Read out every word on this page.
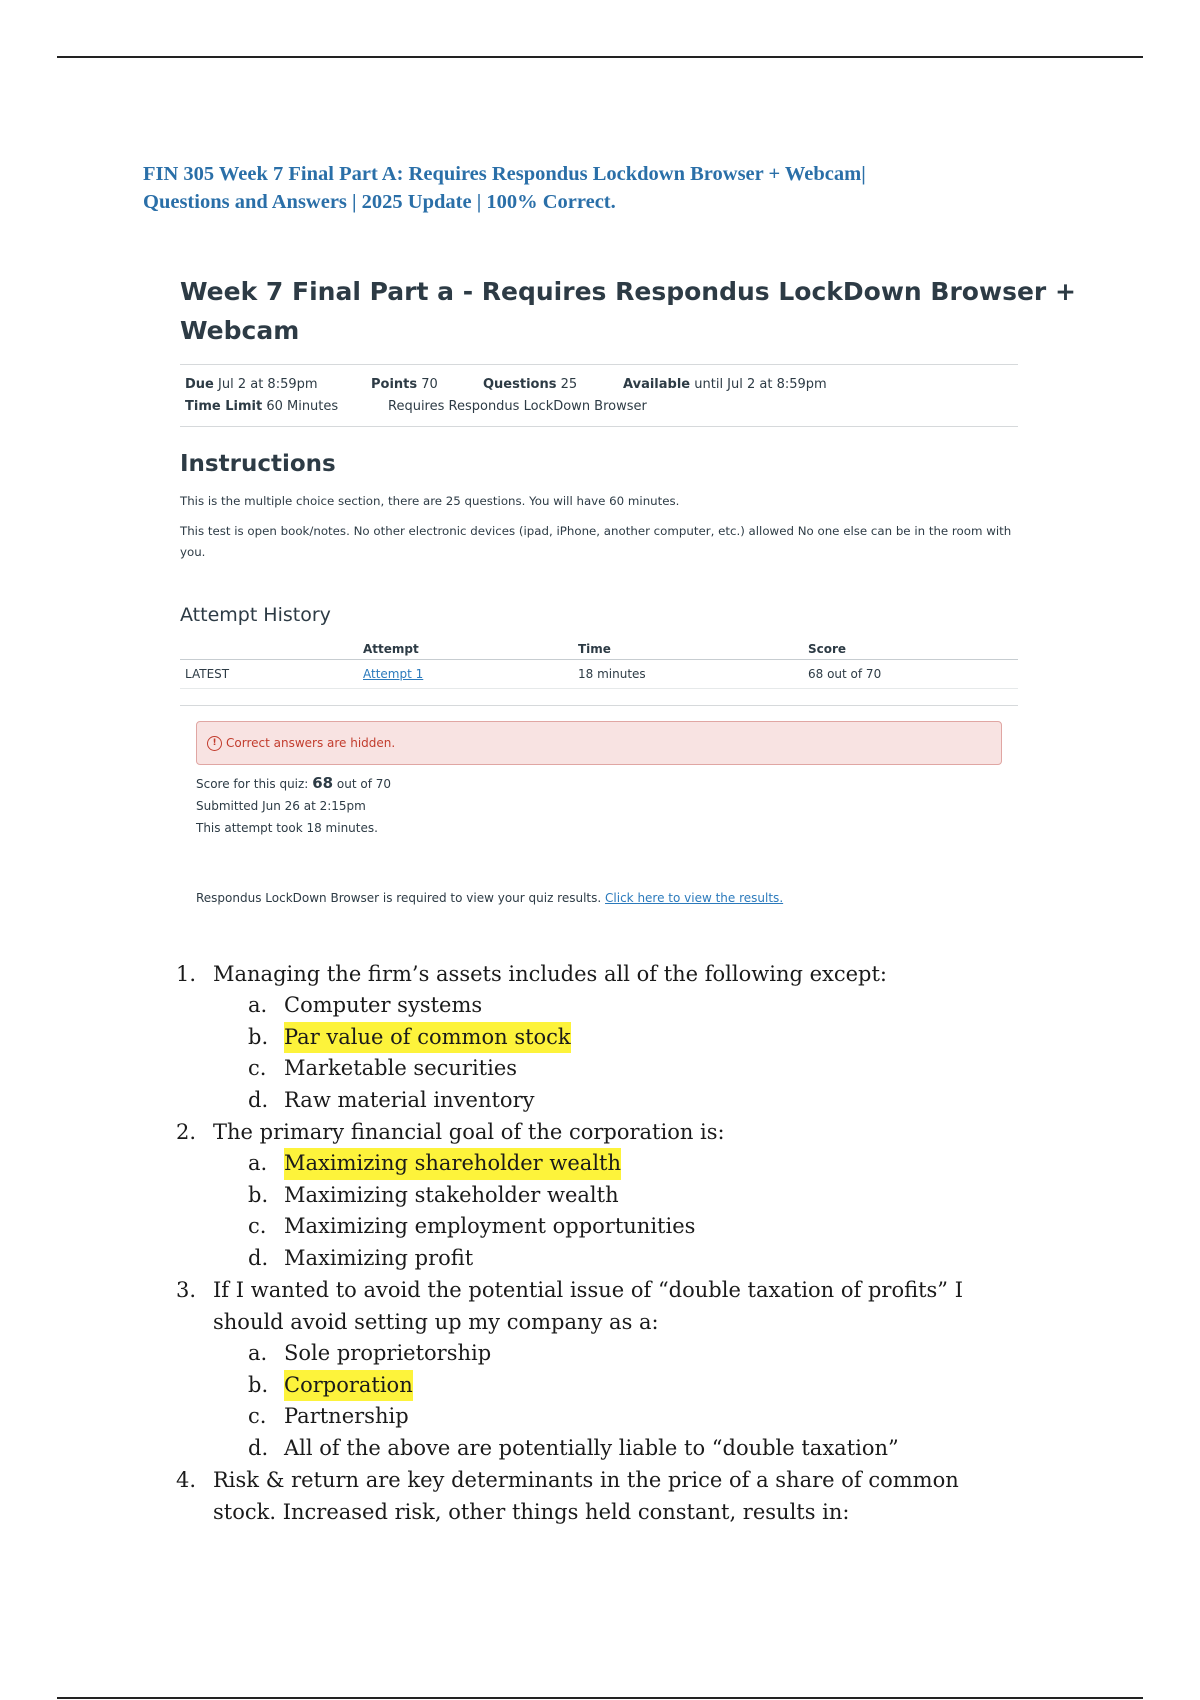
FIN 305 Week 7 Final Part A: Requires Respondus Lockdown Browser + Webcam|
Questions and Answers | 2025 Update | 100% Correct.
Week 7 Final Part a - Requires Respondus LockDown Browser +
Webcam
Due Jul 2 at 8:59pm	Points 70	Questions 25	Available until Jul 2 at 8:59pm
Time Limit 60 Minutes	Requires Respondus LockDown Browser
Instructions
This is the multiple choice section, there are 25 questions. You will have 60 minutes.
This test is open book/notes. No other electronic devices (ipad, iPhone, another computer, etc.) allowed No one else can be in the room with you.
Attempt History
	Attempt	Time	Score
LATEST	Attempt 1	18 minutes	68 out of 70
! Correct answers are hidden.
Score for this quiz: 68 out of 70
Submitted Jun 26 at 2:15pm
This attempt took 18 minutes.
Respondus LockDown Browser is required to view your quiz results. Click here to view the results.
1. Managing the firm’s assets includes all of the following except:
a. Computer systems
b. Par value of common stock
c. Marketable securities
d. Raw material inventory
2. The primary financial goal of the corporation is:
a. Maximizing shareholder wealth
b. Maximizing stakeholder wealth
c. Maximizing employment opportunities
d. Maximizing profit
3. If I wanted to avoid the potential issue of “double taxation of profits” I
should avoid setting up my company as a:
a. Sole proprietorship
b. Corporation
c. Partnership
d. All of the above are potentially liable to “double taxation”
4. Risk & return are key determinants in the price of a share of common
stock. Increased risk, other things held constant, results in:
